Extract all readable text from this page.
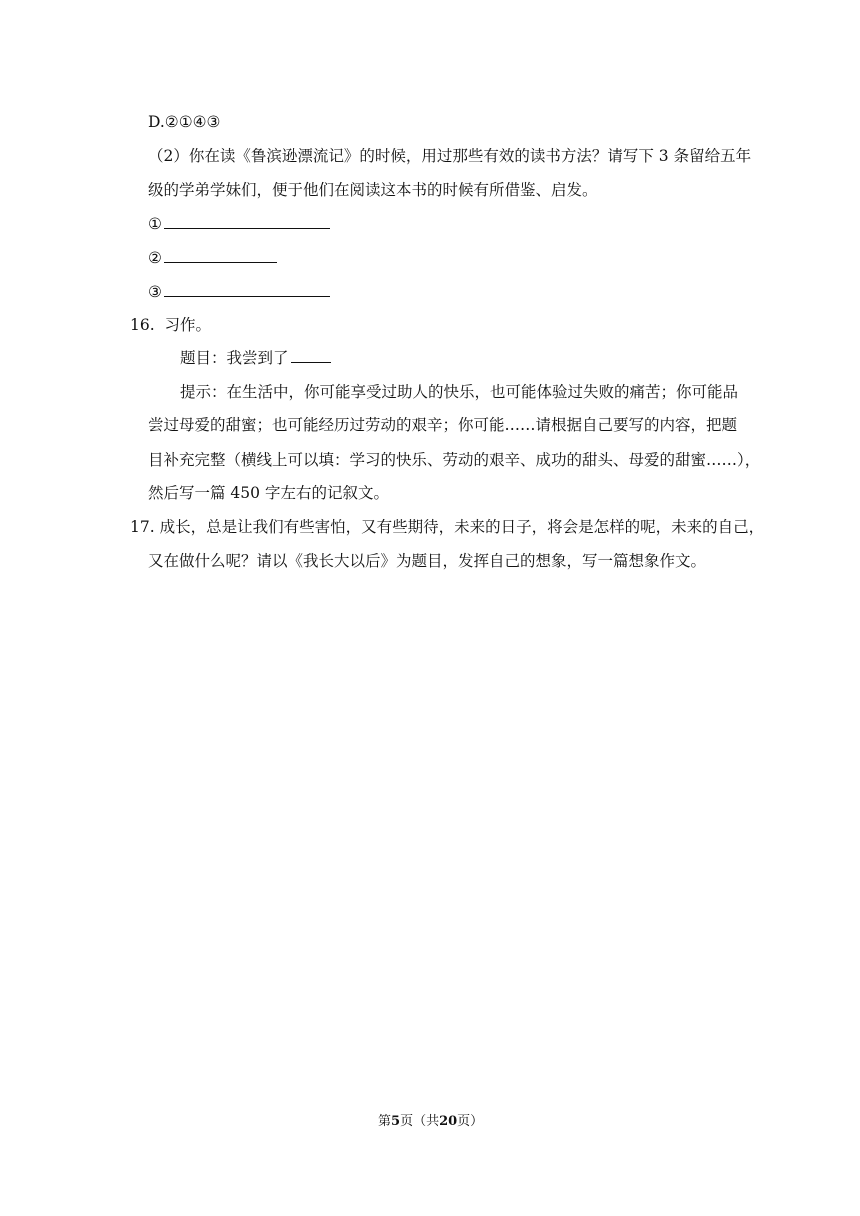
D.②①④③
（2）你在读《鲁滨逊漂流记》的时候，用过那些有效的读书方法？请写下 3 条留给五年
级的学弟学妹们，便于他们在阅读这本书的时候有所借鉴、启发。
①
②
③
16. 习作。
题目：我尝到了
提示：在生活中，你可能享受过助人的快乐，也可能体验过失败的痛苦；你可能品
尝过母爱的甜蜜；也可能经历过劳动的艰辛；你可能……请根据自己要写的内容，把题
目补充完整（横线上可以填：学习的快乐、劳动的艰辛、成功的甜头、母爱的甜蜜……），
然后写一篇 450 字左右的记叙文。
17. 成长，总是让我们有些害怕，又有些期待，未来的日子，将会是怎样的呢，未来的自己，
又在做什么呢？请以《我长大以后》为题目，发挥自己的想象，写一篇想象作文。
第5页（共20页）
